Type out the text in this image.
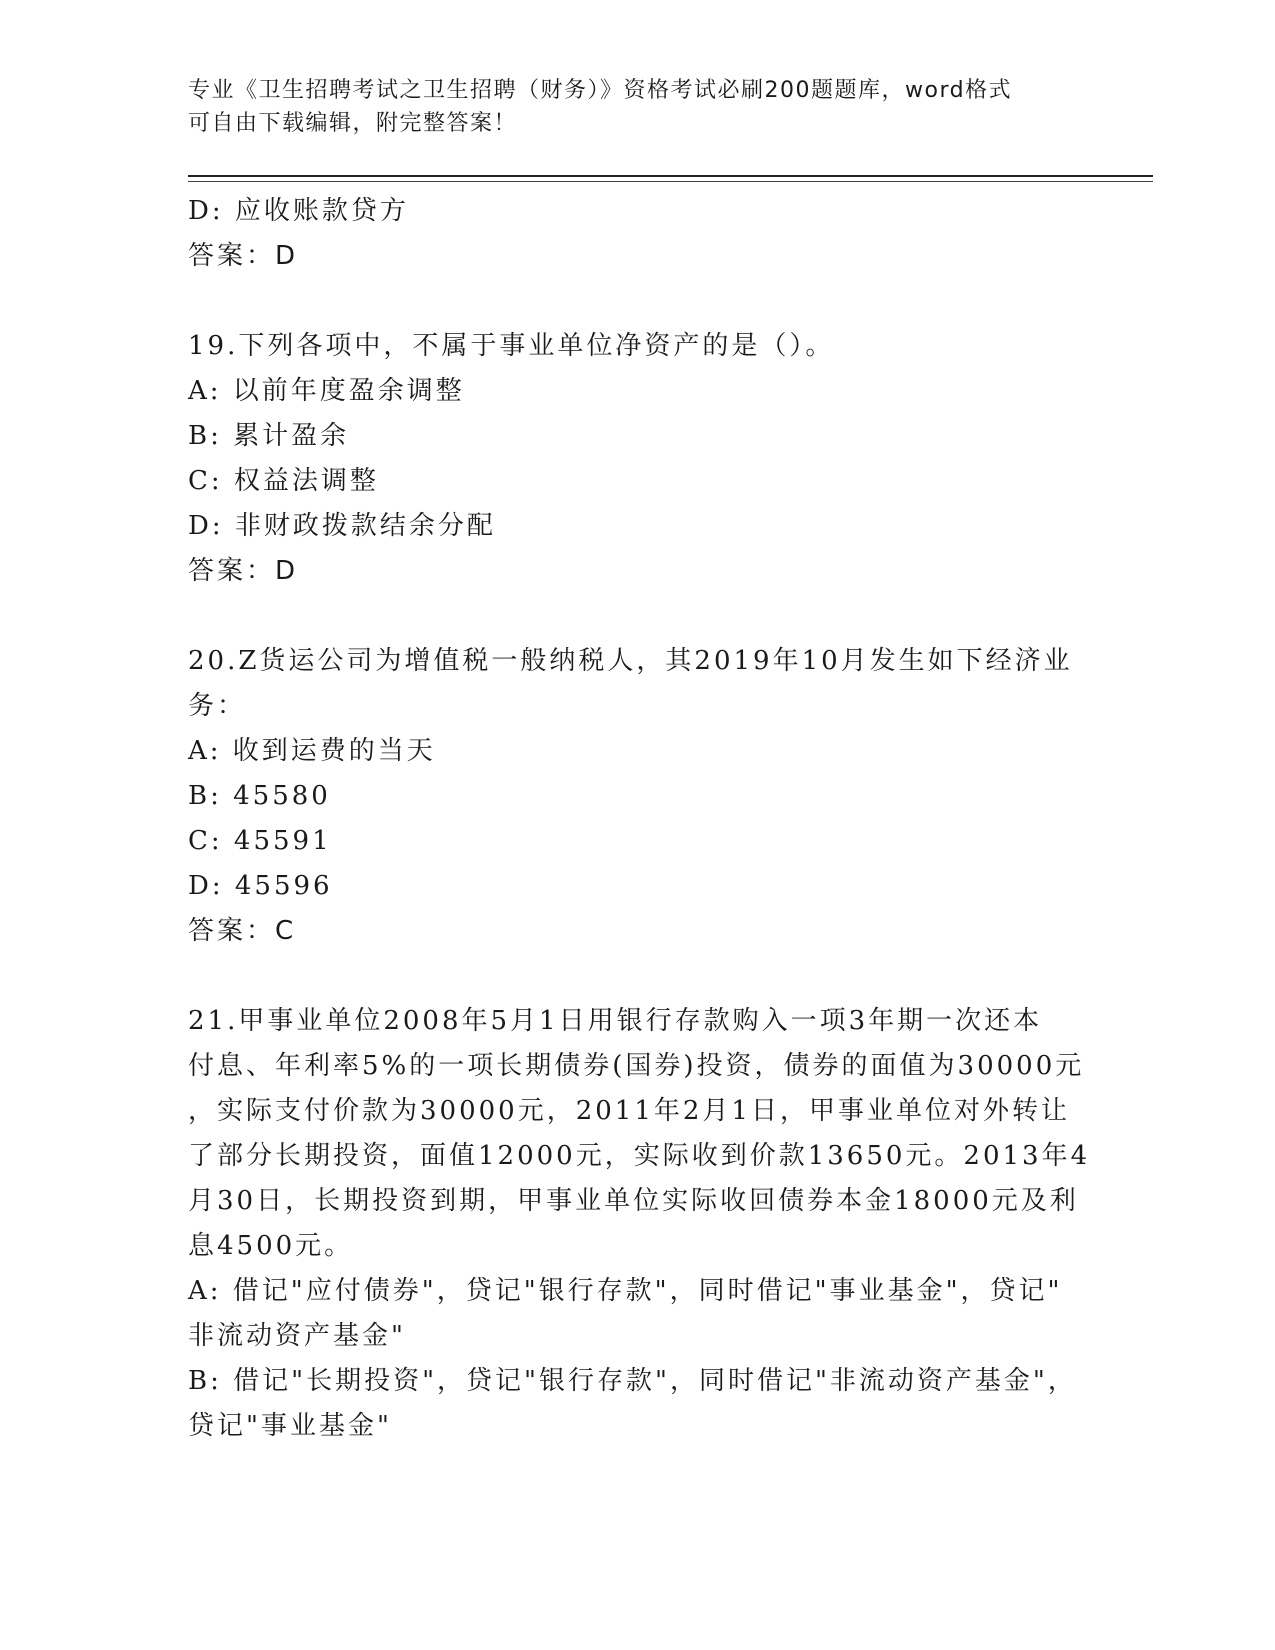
专业《卫生招聘考试之卫生招聘（财务）》资格考试必刷200题题库，word格式
可自由下载编辑，附完整答案！
D: 应收账款贷方
答案：D
19.下列各项中，不属于事业单位净资产的是（）。
A: 以前年度盈余调整
B: 累计盈余
C: 权益法调整
D: 非财政拨款结余分配
答案：D
20.Z货运公司为增值税一般纳税人，其2019年10月发生如下经济业
务：
A: 收到运费的当天
B: 45580
C: 45591
D: 45596
答案：C
21.甲事业单位2008年5月1日用银行存款购入一项3年期一次还本
付息、年利率5%的一项长期债券(国券)投资，债券的面值为30000元
，实际支付价款为30000元，2011年2月1日，甲事业单位对外转让
了部分长期投资，面值12000元，实际收到价款13650元。2013年4
月30日，长期投资到期，甲事业单位实际收回债券本金18000元及利
息4500元。
A: 借记"应付债券"，贷记"银行存款"，同时借记"事业基金"，贷记"
非流动资产基金"
B: 借记"长期投资"，贷记"银行存款"，同时借记"非流动资产基金"，
贷记"事业基金"
